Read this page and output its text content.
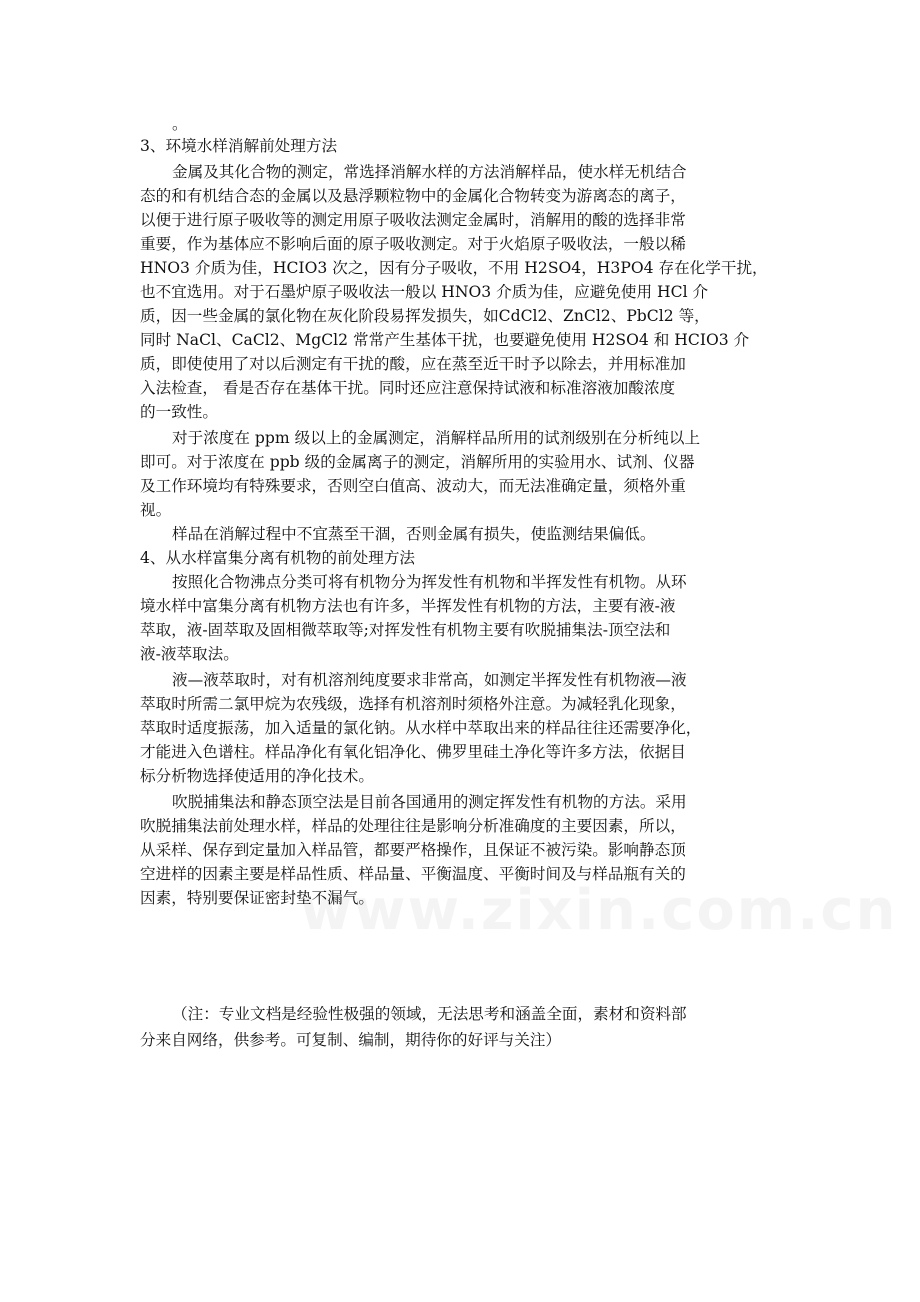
。
3、环境水样消解前处理方法
金属及其化合物的测定，常选择消解水样的方法消解样品，使水样无机结合
态的和有机结合态的金属以及悬浮颗粒物中的金属化合物转变为游离态的离子，
以便于进行原子吸收等的测定用原子吸收法测定金属时，消解用的酸的选择非常
重要，作为基体应不影响后面的原子吸收测定。对于火焰原子吸收法，一般以稀
HNO3 介质为佳，HCIO3 次之，因有分子吸收，不用 H2SO4，H3PO4 存在化学干扰，
也不宜选用。对于石墨炉原子吸收法一般以 HNO3 介质为佳，应避免使用 HCl 介
质，因一些金属的氯化物在灰化阶段易挥发损失，如CdCl2、ZnCl2、PbCl2 等，
同时 NaCl、CaCl2、MgCl2 常常产生基体干扰，也要避免使用 H2SO4 和 HCIO3 介
质，即使使用了对以后测定有干扰的酸，应在蒸至近干时予以除去，并用标准加
入法检查， 看是否存在基体干扰。同时还应注意保持试液和标准溶液加酸浓度
的一致性。
对于浓度在 ppm 级以上的金属测定，消解样品所用的试剂级别在分析纯以上
即可。对于浓度在 ppb 级的金属离子的测定，消解所用的实验用水、试剂、仪器
及工作环境均有特殊要求，否则空白值高、波动大，而无法准确定量，须格外重
视。
样品在消解过程中不宜蒸至干涸，否则金属有损失，使监测结果偏低。
4、从水样富集分离有机物的前处理方法
按照化合物沸点分类可将有机物分为挥发性有机物和半挥发性有机物。从环
境水样中富集分离有机物方法也有许多，半挥发性有机物的方法，主要有液-液
萃取，液-固萃取及固相微萃取等;对挥发性有机物主要有吹脱捕集法-顶空法和
液-液萃取法。
液—液萃取时，对有机溶剂纯度要求非常高，如测定半挥发性有机物液—液
萃取时所需二氯甲烷为农残级，选择有机溶剂时须格外注意。为减轻乳化现象，
萃取时适度振荡，加入适量的氯化钠。从水样中萃取出来的样品往往还需要净化，
才能进入色谱柱。样品净化有氧化铝净化、佛罗里硅土净化等许多方法，依据目
标分析物选择使适用的净化技术。
吹脱捕集法和静态顶空法是目前各国通用的测定挥发性有机物的方法。采用
吹脱捕集法前处理水样，样品的处理往往是影响分析准确度的主要因素，所以，
从采样、保存到定量加入样品管，都要严格操作，且保证不被污染。影响静态顶
空进样的因素主要是样品性质、样品量、平衡温度、平衡时间及与样品瓶有关的
因素，特别要保证密封垫不漏气。
（注：专业文档是经验性极强的领域，无法思考和涵盖全面，素材和资料部
分来自网络，供参考。可复制、编制，期待你的好评与关注）
